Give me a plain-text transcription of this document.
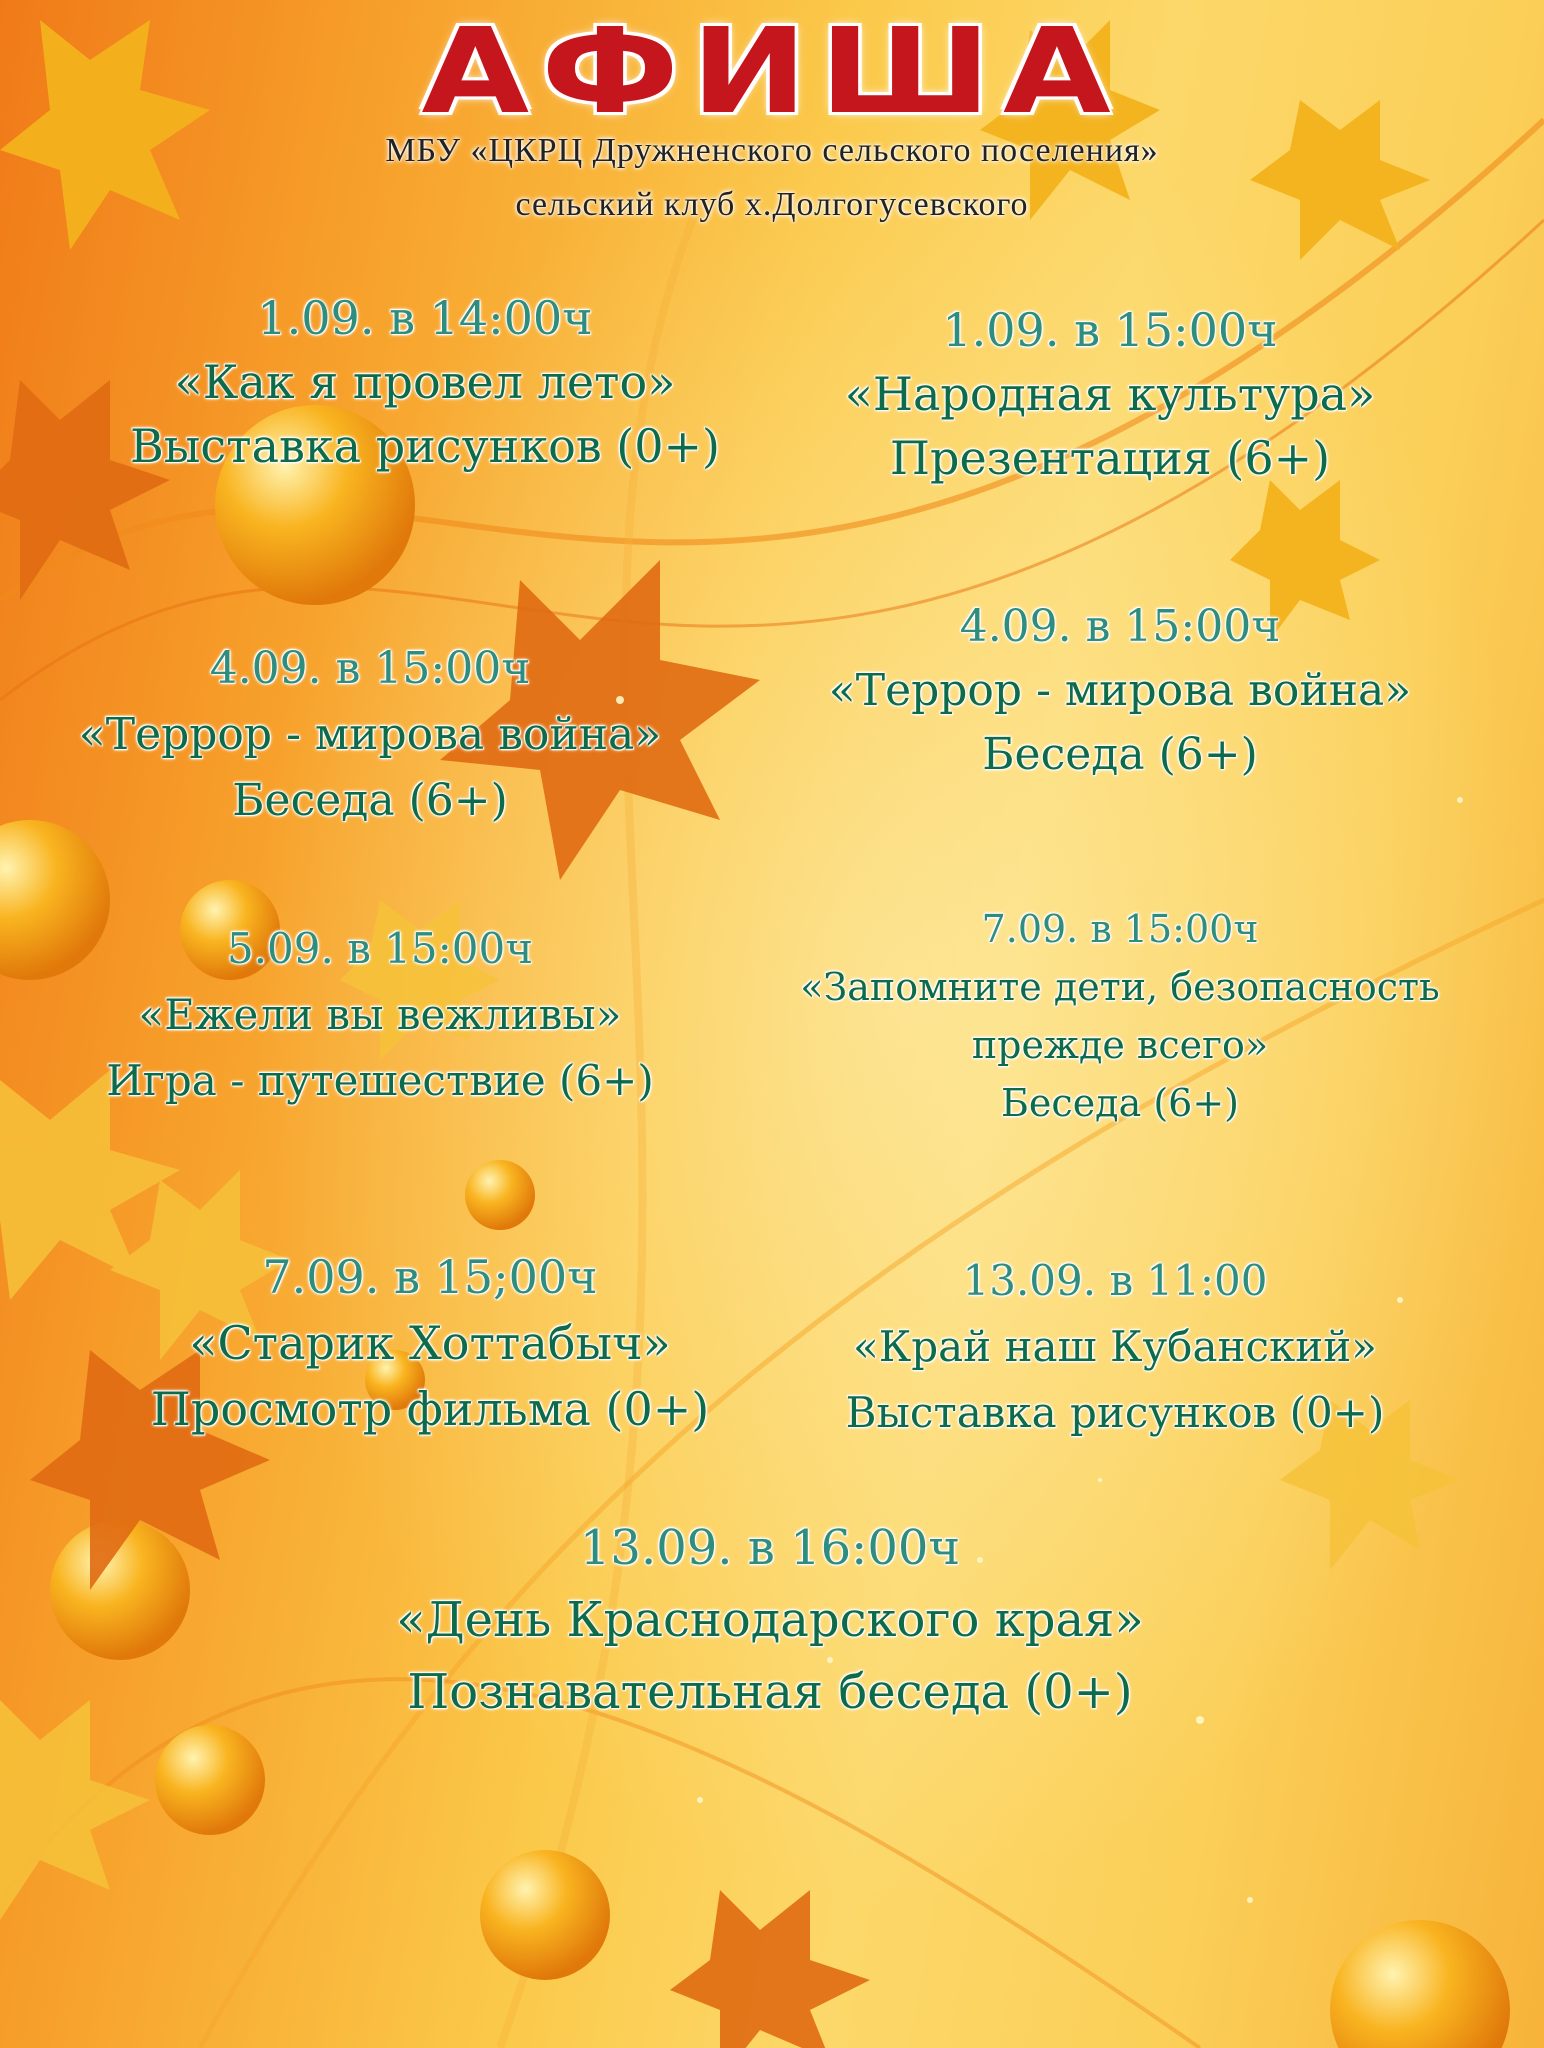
АФИША
МБУ «ЦКРЦ Дружненского сельского поселения»
сельский клуб х.Долгогусевского
1.09. в 14:00ч
«Как я провел лето»
Выставка рисунков (0+)
1.09. в 15:00ч
«Народная культура»
Презентация (6+)
4.09. в 15:00ч
«Террор - мирова война»
Беседа (6+)
4.09. в 15:00ч
«Террор - мирова война»
Беседа (6+)
5.09. в 15:00ч
«Ежели вы вежливы»
Игра - путешествие (6+)
7.09. в 15:00ч
«Запомните дети, безопасность
прежде всего»
Беседа (6+)
7.09. в 15;00ч
«Старик Хоттабыч»
Просмотр фильма (0+)
13.09. в 11:00
«Край наш Кубанский»
Выставка рисунков (0+)
13.09. в 16:00ч
«День Краснодарского края»
Познавательная беседа (0+)
